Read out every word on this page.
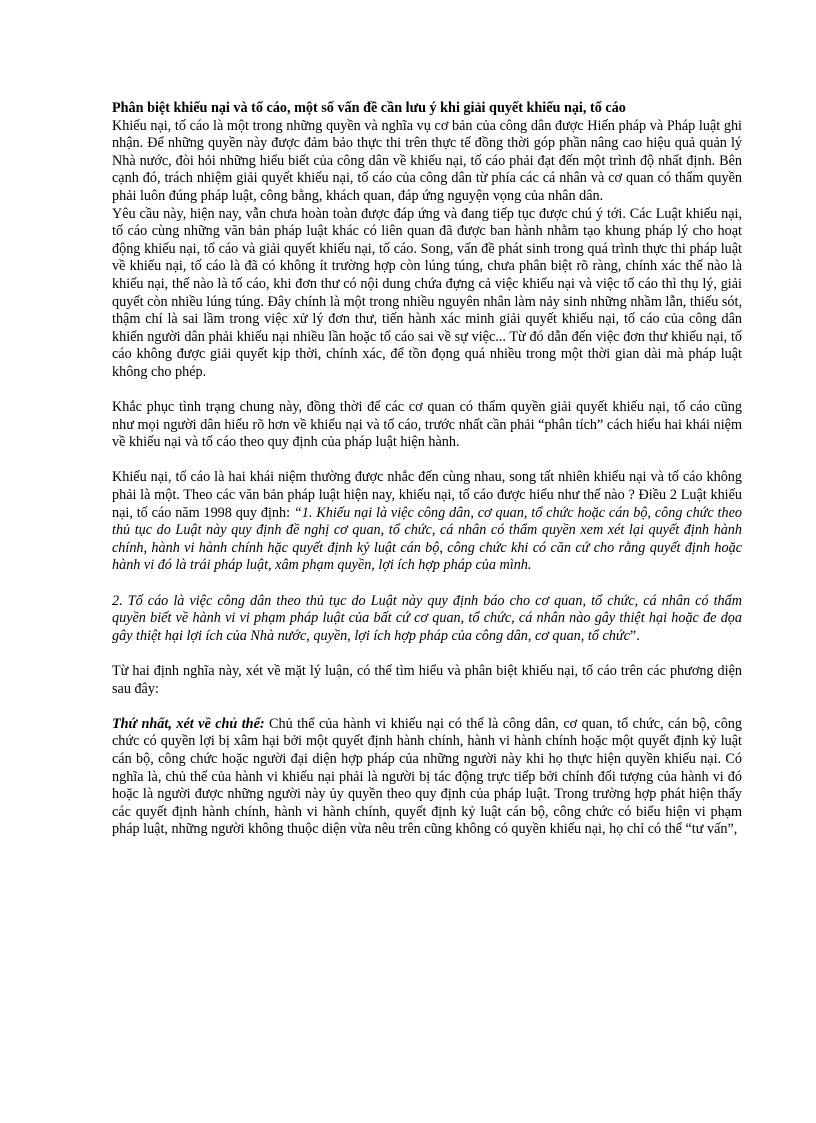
Phân biệt khiếu nại và tố cáo, một số vấn đề cần lưu ý khi giải quyết khiếu nại, tố cáo

Khiếu nại, tố cáo là một trong những quyền và nghĩa vụ cơ bản của công dân được Hiến pháp và Pháp luật ghi nhận. Để những quyền này được đảm bảo thực thi trên thực tế đồng thời góp phần nâng cao hiệu quả quản lý Nhà nước, đòi hỏi những hiểu biết của công dân về khiếu nại, tố cáo phải đạt đến một trình độ nhất định. Bên cạnh đó, trách nhiệm giải quyết khiếu nại, tố cáo của công dân từ phía các cá nhân và cơ quan có thẩm quyền phải luôn đúng pháp luật, công bằng, khách quan, đáp ứng nguyện vọng của nhân dân.

Yêu cầu này, hiện nay, vẫn chưa hoàn toàn được đáp ứng và đang tiếp tục được chú ý tới. Các Luật khiếu nại, tố cáo cùng những văn bản pháp luật khác có liên quan đã được ban hành nhằm tạo khung pháp lý cho hoạt động khiếu nại, tố cáo và giải quyết khiếu nại, tố cáo. Song, vấn đề phát sinh trong quá trình thực thi pháp luật về khiếu nại, tố cáo là đã có không ít trường hợp còn lúng túng, chưa phân biệt rõ ràng, chính xác thế nào là khiếu nại, thế nào là tố cáo, khi đơn thư có nội dung chứa đựng cả việc khiếu nại và việc tố cáo thì thụ lý, giải quyết còn nhiều lúng túng. Đây chính là một trong nhiều nguyên nhân làm nảy sinh những nhầm lẫn, thiếu sót, thậm chí là sai lầm trong việc xử lý đơn thư, tiến hành xác minh giải quyết khiếu nại, tố cáo của công dân khiến người dân phải khiếu nại nhiều lần hoặc tố cáo sai về sự việc... Từ đó dẫn đến việc đơn thư khiếu nại, tố cáo không được giải quyết kịp thời, chính xác, để tồn đọng quá nhiều trong một thời gian dài mà pháp luật không cho phép.

Khắc phục tình trạng chung này, đồng thời để các cơ quan có thẩm quyền giải quyết khiếu nại, tố cáo cũng như mọi người dân hiểu rõ hơn về khiếu nại và tố cáo, trước nhất cần phải “phân tích” cách hiểu hai khái niệm về khiếu nại và tố cáo theo quy định của pháp luật hiện hành.

Khiếu nại, tố cáo là hai khái niệm thường được nhắc đến cùng nhau, song tất nhiên khiếu nại và tố cáo không phải là một. Theo các văn bản pháp luật hiện nay, khiếu nại, tố cáo được hiểu như thế nào ? Điều 2 Luật khiếu nại, tố cáo năm 1998 quy định: “1. Khiếu nại là việc công dân, cơ quan, tổ chức hoặc cán bộ, công chức theo thủ tục do Luật này quy định đề nghị cơ quan, tổ chức, cá nhân có thẩm quyền xem xét lại quyết định hành chính, hành vi hành chính hặc quyết định kỷ luật cán bộ, công chức khi có căn cứ cho rằng quyết định hoặc hành vi đó là trái pháp luật, xâm phạm quyền, lợi ích hợp pháp của mình.

2. Tố cáo là việc công dân theo thủ tục do Luật này quy định báo cho cơ quan, tổ chức, cá nhân có thẩm quyền biết về hành vi vi phạm pháp luật của bất cứ cơ quan, tổ chức, cá nhân nào gây thiệt hại hoặc đe dọa gây thiệt hại lợi ích của Nhà nước, quyền, lợi ích hợp pháp của công dân, cơ quan, tổ chức”.

Từ hai định nghĩa này, xét về mặt lý luận, có thể tìm hiểu và phân biệt khiếu nại, tố cáo trên các phương diện sau đây:

Thứ nhất, xét về chủ thể: Chủ thể của hành vi khiếu nại có thể là công dân, cơ quan, tổ chức, cán bộ, công chức có quyền lợi bị xâm hại bởi một quyết định hành chính, hành vi hành chính hoặc một quyết định kỷ luật cán bộ, công chức hoặc người đại diện hợp pháp của những người này khi họ thực hiện quyền khiếu nại. Có nghĩa là, chủ thể của hành vi khiếu nại phải là người bị tác động trực tiếp bởi chính đối tượng của hành vi đó hoặc là người được những người này ủy quyền theo quy định của pháp luật. Trong trường hợp phát hiện thấy các quyết định hành chính, hành vi hành chính, quyết định kỷ luật cán bộ, công chức có biểu hiện vi phạm pháp luật, những người không thuộc diện vừa nêu trên cũng không có quyền khiếu nại, họ chỉ có thể “tư vấn”,
